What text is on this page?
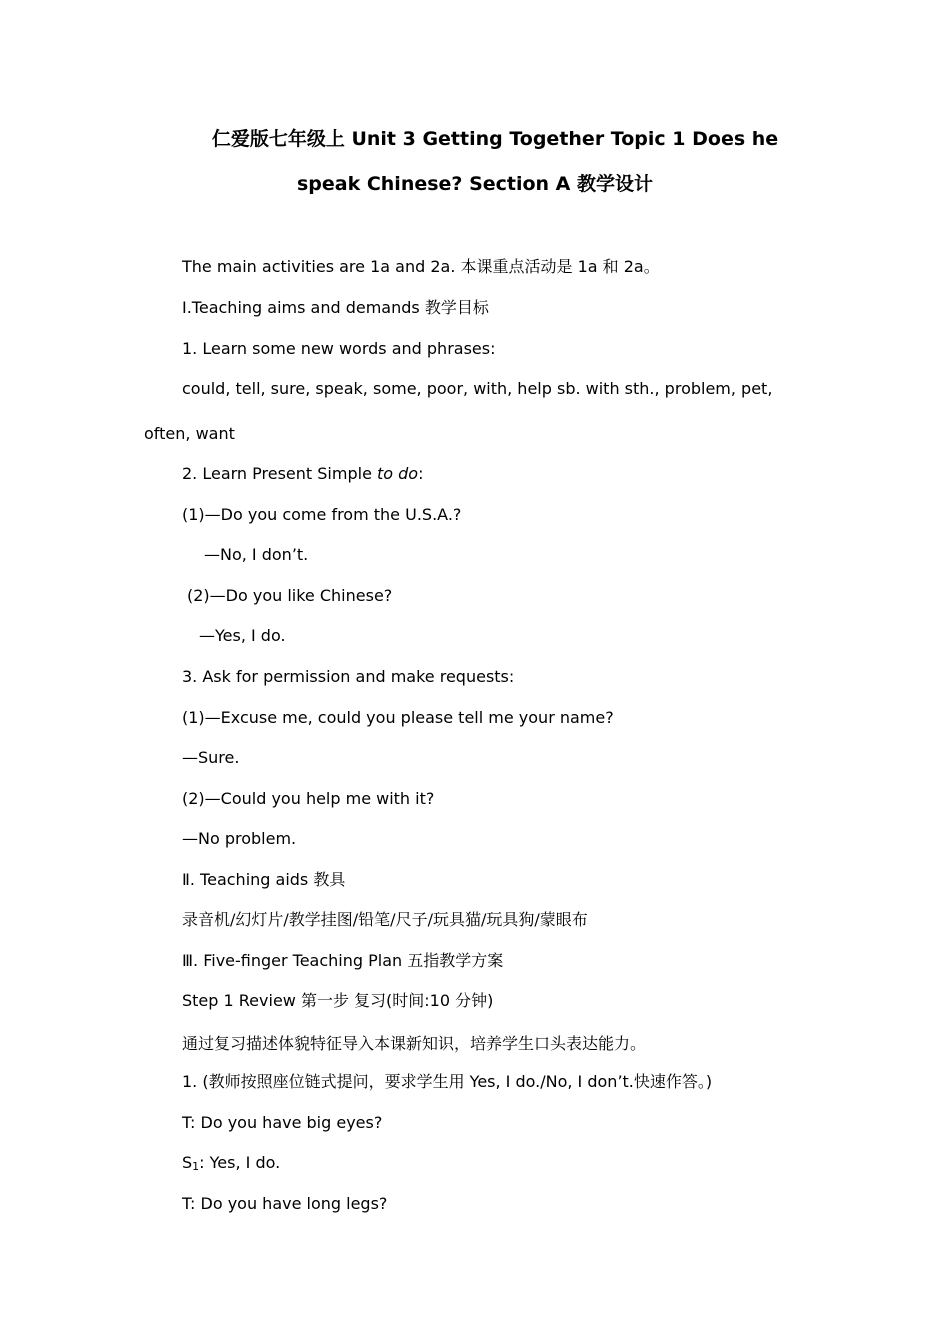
仁爱版七年级上 Unit 3 Getting Together Topic 1 Does he
speak Chinese? Section A 教学设计
The main activities are 1a and 2a. 本课重点活动是 1a 和 2a。
Ⅰ.Teaching aims and demands 教学目标
1. Learn some new words and phrases:
could, tell, sure, speak, some, poor, with, help sb. with sth., problem, pet,
often, want
2. Learn Present Simple to do:
(1)—Do you come from the U.S.A.?
—No, I don’t.
(2)—Do you like Chinese?
—Yes, I do.
3. Ask for permission and make requests:
(1)—Excuse me, could you please tell me your name?
—Sure.
(2)—Could you help me with it?
—No problem.
Ⅱ. Teaching aids 教具
录音机/幻灯片/教学挂图/铅笔/尺子/玩具猫/玩具狗/蒙眼布
Ⅲ. Five-finger Teaching Plan 五指教学方案
Step 1 Review 第一步 复习(时间:10 分钟)
通过复习描述体貌特征导入本课新知识，培养学生口头表达能力。
1. (教师按照座位链式提问，要求学生用 Yes, I do./No, I don’t.快速作答。)
T: Do you have big eyes?
$S_1$: Yes, I do.
T: Do you have long legs?
